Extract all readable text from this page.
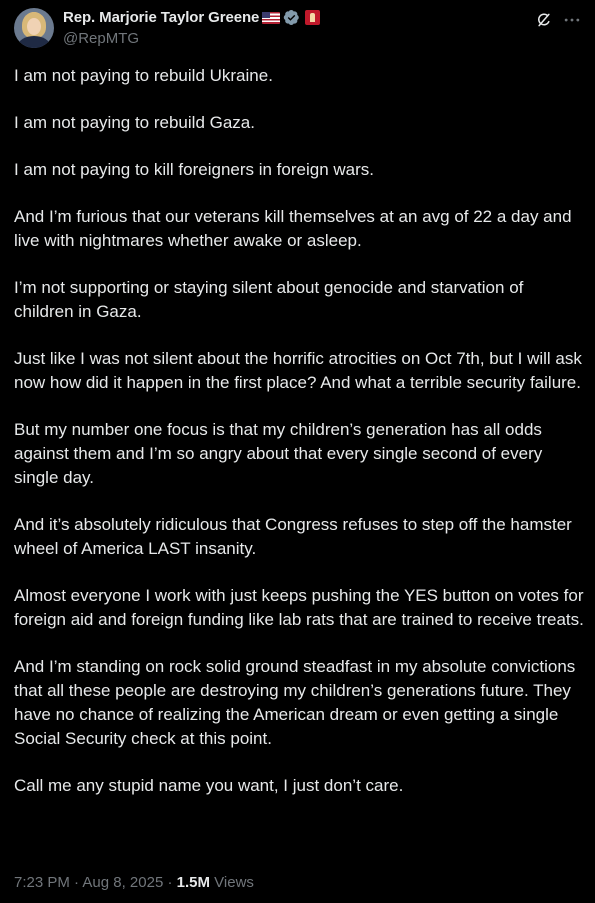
Rep. Marjorie Taylor Greene
@RepMTG

I am not paying to rebuild Ukraine.

I am not paying to rebuild Gaza.

I am not paying to kill foreigners in foreign wars.

And I’m furious that our veterans kill themselves at an avg of 22 a day and live with nightmares whether awake or asleep.

I’m not supporting or staying silent about genocide and starvation of children in Gaza.

Just like I was not silent about the horrific atrocities on Oct 7th, but I will ask now how did it happen in the first place? And what a terrible security failure.

But my number one focus is that my children’s generation has all odds against them and I’m so angry about that every single second of every single day.

And it’s absolutely ridiculous that Congress refuses to step off the hamster wheel of America LAST insanity.

Almost everyone I work with just keeps pushing the YES button on votes for foreign aid and foreign funding like lab rats that are trained to receive treats.

And I’m standing on rock solid ground steadfast in my absolute convictions that all these people are destroying my children’s generations future. They have no chance of realizing the American dream or even getting a single Social Security check at this point.

Call me any stupid name you want, I just don’t care.

7:23 PM · Aug 8, 2025 · 1.5M Views
